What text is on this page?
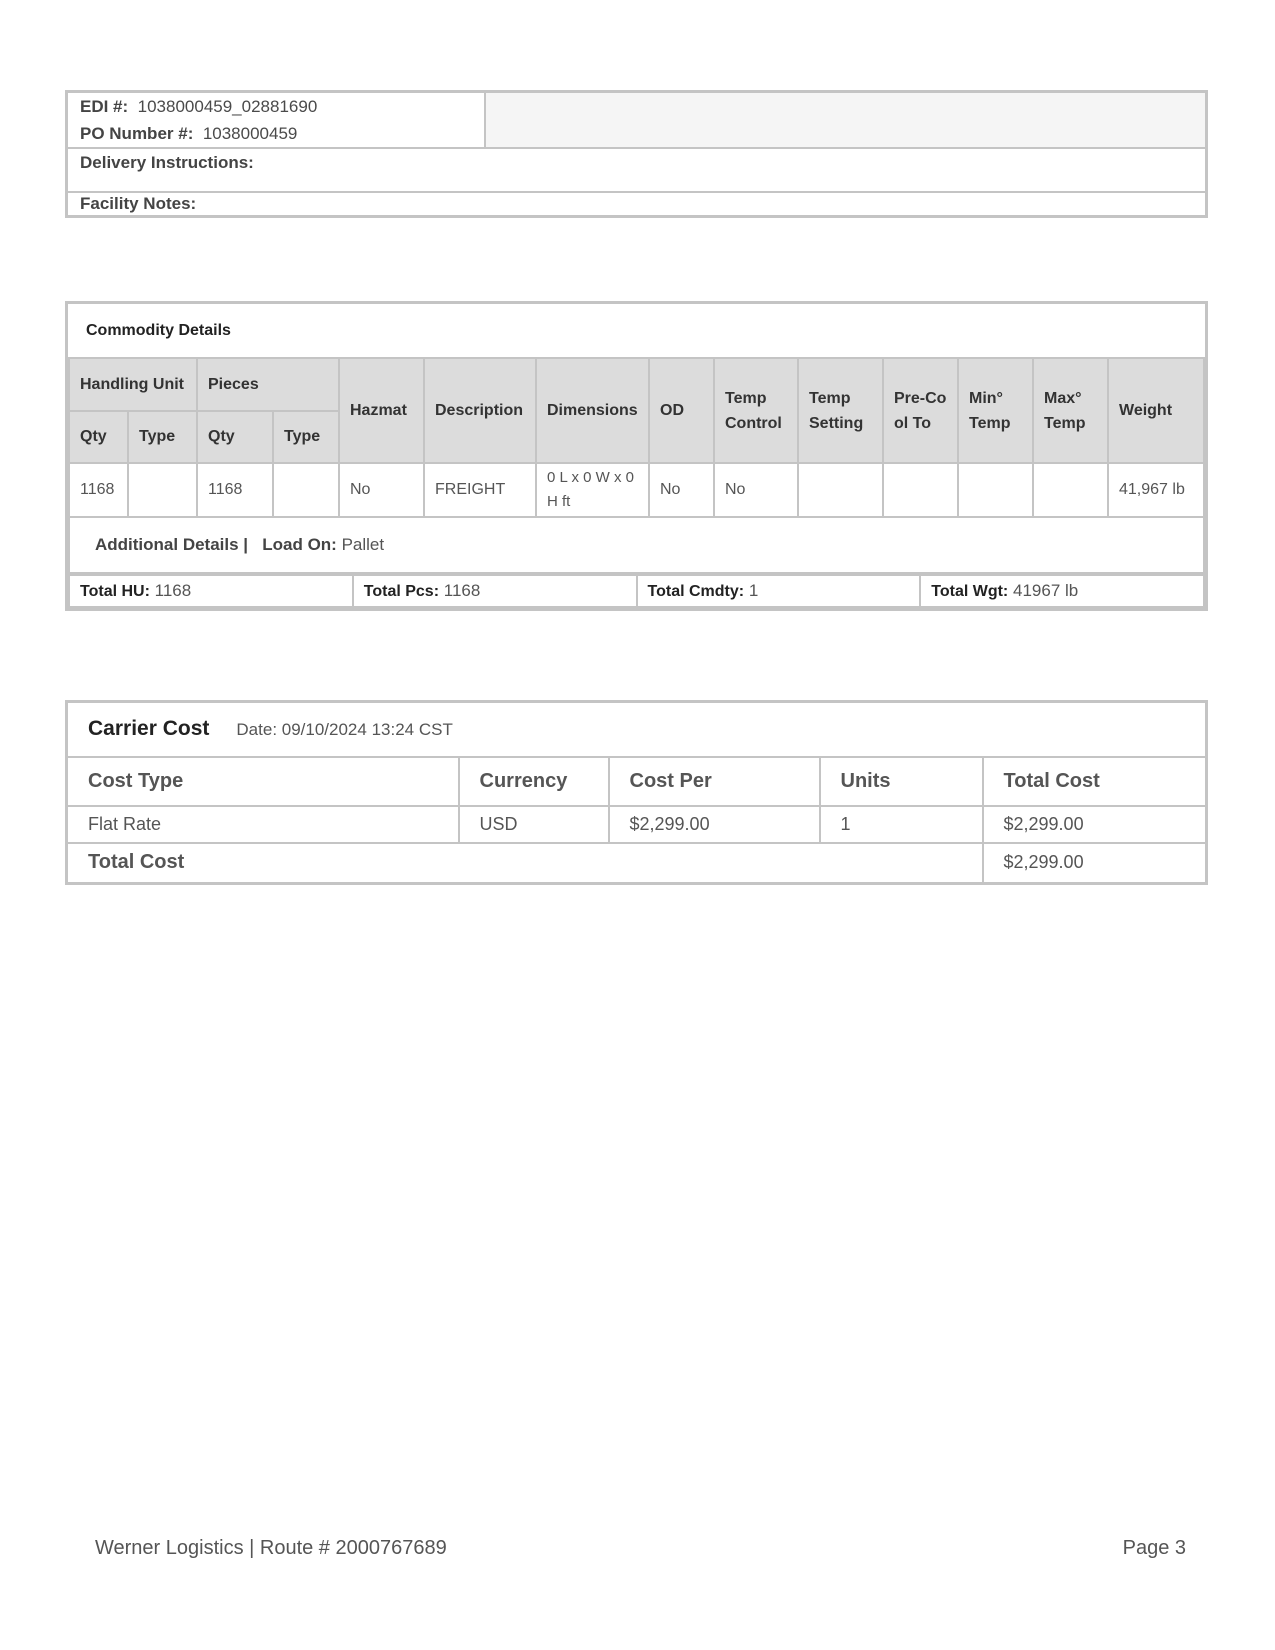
EDI #: 1038000459_02881690
PO Number #: 1038000459

Delivery Instructions:
Facility Notes:
Commodity Details													
Handling Unit		Pieces		Hazmat	Description	Dimensions	OD	Temp Control	Temp Setting	Pre-Cool To	Min° Temp	Max° Temp	Weight
Qty	Type	Qty	Type										
1168		1168		No	FREIGHT	0 L x 0 W x 0 H ft	No	No					41,967 lb
Additional Details | Load On: Pallet													
Total HU: 1168	Total Pcs: 1168	Total Cmdty: 1	Total Wgt: 41967 lb
Carrier Cost Date: 09/10/2024 13:24 CST				
Cost Type	Currency	Cost Per	Units	Total Cost
Flat Rate	USD	$2,299.00	1	$2,299.00
Total Cost				$2,299.00
Werner Logistics | Route # 2000767689	Page 3
